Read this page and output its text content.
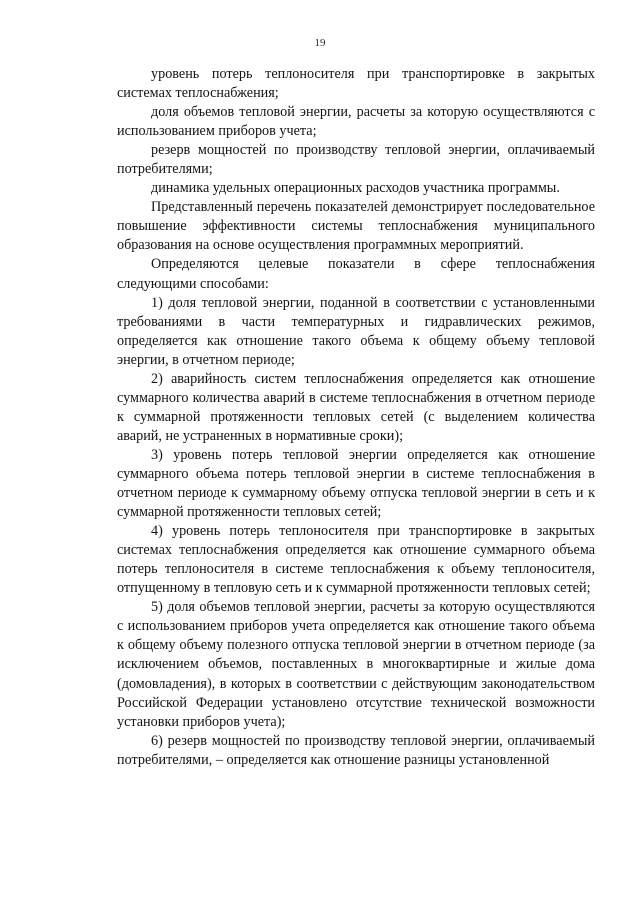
19

уровень потерь теплоносителя при транспортировке в закрытых системах теплоснабжения;

доля объемов тепловой энергии, расчеты за которую осуществляются с использованием приборов учета;

резерв мощностей по производству тепловой энергии, оплачиваемый потребителями;

динамика удельных операционных расходов участника программы.

Представленный перечень показателей демонстрирует последовательное повышение эффективности системы теплоснабжения муниципального образования на основе осуществления программных мероприятий.

Определяются целевые показатели в сфере теплоснабжения следующими способами:

1) доля тепловой энергии, поданной в соответствии с установленными требованиями в части температурных и гидравлических режимов, определяется как отношение такого объема к общему объему тепловой энергии, в отчетном периоде;

2) аварийность систем теплоснабжения определяется как отношение суммарного количества аварий в системе теплоснабжения в отчетном периоде к суммарной протяженности тепловых сетей (с выделением количества аварий, не устраненных в нормативные сроки);

3) уровень потерь тепловой энергии определяется как отношение суммарного объема потерь тепловой энергии в системе теплоснабжения в отчетном периоде к суммарному объему отпуска тепловой энергии в сеть и к суммарной протяженности тепловых сетей;

4) уровень потерь теплоносителя при транспортировке в закрытых системах теплоснабжения определяется как отношение суммарного объема потерь теплоносителя в системе теплоснабжения к объему теплоносителя, отпущенному в тепловую сеть и к суммарной протяженности тепловых сетей;

5) доля объемов тепловой энергии, расчеты за которую осуществляются с использованием приборов учета определяется как отношение такого объема к общему объему полезного отпуска тепловой энергии в отчетном периоде (за исключением объемов, поставленных в многоквартирные и жилые дома (домовладения), в которых в соответствии с действующим законодательством Российской Федерации установлено отсутствие технической возможности установки приборов учета);

6) резерв мощностей по производству тепловой энергии, оплачиваемый потребителями, – определяется как отношение разницы установленной
